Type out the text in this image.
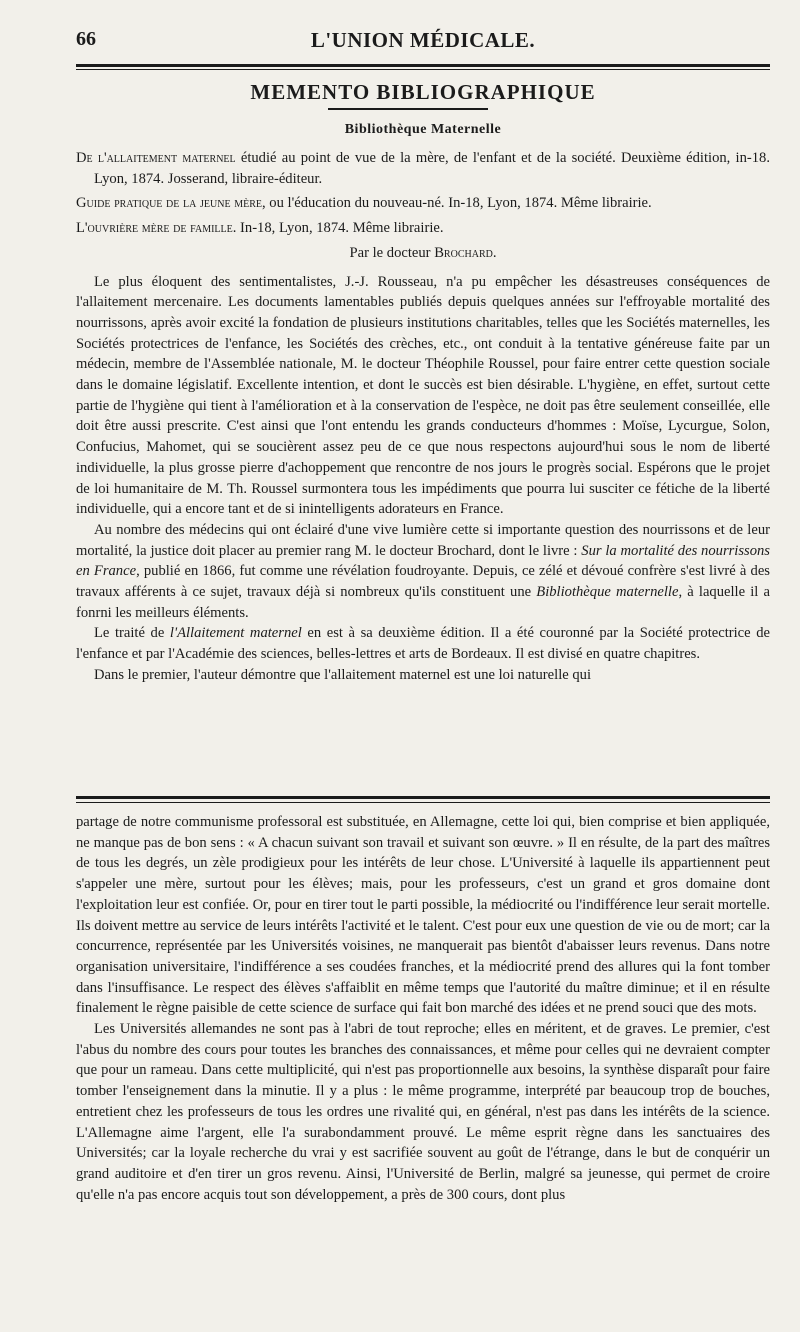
66	L'UNION MÉDICALE.
MEMENTO BIBLIOGRAPHIQUE
Bibliothèque Maternelle

De l'allaitement maternel étudié au point de vue de la mère, de l'enfant et de la société. Deuxième édition, in-18. Lyon, 1874. Josserand, libraire-éditeur.

Guide pratique de la jeune mère, ou l'éducation du nouveau-né. In-18, Lyon, 1874. Même librairie.

L'ouvrière mère de famille. In-18, Lyon, 1874. Même librairie.

Par le docteur Brochard.

Le plus éloquent des sentimentalistes, J.-J. Rousseau, n'a pu empêcher les désastreuses conséquences de l'allaitement mercenaire. Les documents lamentables publiés depuis quelques années sur l'effroyable mortalité des nourrissons, après avoir excité la fondation de plusieurs institutions charitables, telles que les Sociétés maternelles, les Sociétés protectrices de l'enfance, les Sociétés des crèches, etc., ont conduit à la tentative généreuse faite par un médecin, membre de l'Assemblée nationale, M. le docteur Théophile Roussel, pour faire entrer cette question sociale dans le domaine législatif. Excellente intention, et dont le succès est bien désirable. L'hygiène, en effet, surtout cette partie de l'hygiène qui tient à l'amélioration et à la conservation de l'espèce, ne doit pas être seulement conseillée, elle doit être aussi prescrite. C'est ainsi que l'ont entendu les grands conducteurs d'hommes : Moïse, Lycurgue, Solon, Confucius, Mahomet, qui se soucièrent assez peu de ce que nous respectons aujourd'hui sous le nom de liberté individuelle, la plus grosse pierre d'achoppement que rencontre de nos jours le progrès social. Espérons que le projet de loi humanitaire de M. Th. Roussel surmontera tous les impédiments que pourra lui susciter ce fétiche de la liberté individuelle, qui a encore tant et de si inintelligents adorateurs en France.

Au nombre des médecins qui ont éclairé d'une vive lumière cette si importante question des nourrissons et de leur mortalité, la justice doit placer au premier rang M. le docteur Brochard, dont le livre : Sur la mortalité des nourrissons en France, publié en 1866, fut comme une révélation foudroyante. Depuis, ce zélé et dévoué confrère s'est livré à des travaux afférents à ce sujet, travaux déjà si nombreux qu'ils constituent une Bibliothèque maternelle, à laquelle il a fonrni les meilleurs éléments.

Le traité de l'Allaitement maternel en est à sa deuxième édition. Il a été couronné par la Société protectrice de l'enfance et par l'Académie des sciences, belles-lettres et arts de Bordeaux. Il est divisé en quatre chapitres.

Dans le premier, l'auteur démontre que l'allaitement maternel est une loi naturelle qui

partage de notre communisme professoral est substituée, en Allemagne, cette loi qui, bien comprise et bien appliquée, ne manque pas de bon sens : « A chacun suivant son travail et suivant son œuvre. » Il en résulte, de la part des maîtres de tous les degrés, un zèle prodigieux pour les intérêts de leur chose. L'Université à laquelle ils appartiennent peut s'appeler une mère, surtout pour les élèves; mais, pour les professeurs, c'est un grand et gros domaine dont l'exploitation leur est confiée. Or, pour en tirer tout le parti possible, la médiocrité ou l'indifférence leur serait mortelle. Ils doivent mettre au service de leurs intérêts l'activité et le talent. C'est pour eux une question de vie ou de mort; car la concurrence, représentée par les Universités voisines, ne manquerait pas bientôt d'abaisser leurs revenus. Dans notre organisation universitaire, l'indifférence a ses coudées franches, et la médiocrité prend des allures qui la font tomber dans l'insuffisance. Le respect des élèves s'affaiblit en même temps que l'autorité du maître diminue; et il en résulte finalement le règne paisible de cette science de surface qui fait bon marché des idées et ne prend souci que des mots.

Les Universités allemandes ne sont pas à l'abri de tout reproche; elles en méritent, et de graves. Le premier, c'est l'abus du nombre des cours pour toutes les branches des connaissances, et même pour celles qui ne devraient compter que pour un rameau. Dans cette multiplicité, qui n'est pas proportionnelle aux besoins, la synthèse disparaît pour faire tomber l'enseignement dans la minutie. Il y a plus : le même programme, interprété par beaucoup trop de bouches, entretient chez les professeurs de tous les ordres une rivalité qui, en général, n'est pas dans les intérêts de la science. L'Allemagne aime l'argent, elle l'a surabondamment prouvé. Le même esprit règne dans les sanctuaires des Universités; car la loyale recherche du vrai y est sacrifiée souvent au goût de l'étrange, dans le but de conquérir un grand auditoire et d'en tirer un gros revenu. Ainsi, l'Université de Berlin, malgré sa jeunesse, qui permet de croire qu'elle n'a pas encore acquis tout son développement, a près de 300 cours, dont plus
